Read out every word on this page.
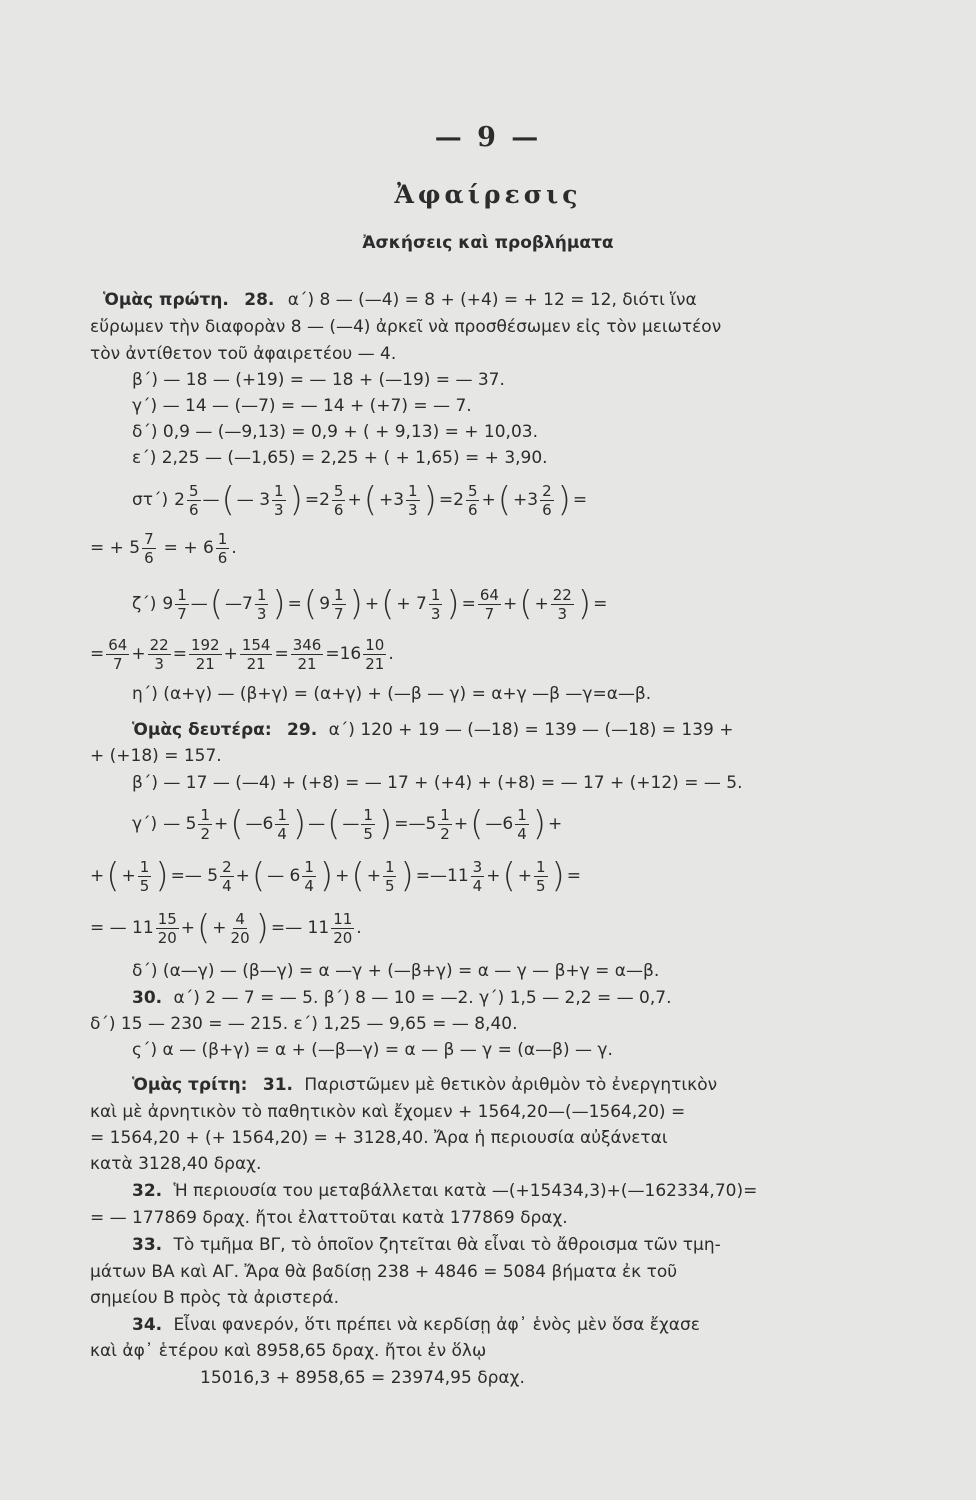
— 9 —
Ἀφαίρεσις
Ἀσκήσεις καὶ προβλήματα
Ὁμὰς πρώτη. 28. α΄) 8 — (—4) = 8 + (+4) = + 12 = 12, διότι ἵνα
εὕρωμεν τὴν διαφορὰν 8 — (—4) ἀρκεῖ νὰ προσθέσωμεν εἰς τὸν μειωτέον
τὸν ἀντίθετον τοῦ ἀφαιρετέου — 4.
β΄) — 18 — (+19) = — 18 + (—19) = — 37.
γ΄) — 14 — (—7) = — 14 + (+7) = — 7.
δ΄) 0,9 — (—9,13) = 0,9 + ( + 9,13) = + 10,03.
ε΄) 2,25 — (—1,65) = 2,25 + ( + 1,65) = + 3,90.
στ΄) $2 \frac{5}{6}$ — ( — $3 \frac{1}{3}$ ) = $2 \frac{5}{6}$ + ( $+3 \frac{1}{3}$ ) = $2 \frac{5}{6}$ + ( $+3 \frac{2}{6}$ ) =
= + $5 \frac{7}{6}$ = + $6 \frac{1}{6}$ .
ζ΄) $9 \frac{1}{7}$ — ( —7 $\frac{1}{3}$ ) = ( $9 \frac{1}{7}$ ) + ( + $7 \frac{1}{3}$ ) = $\frac{64}{7}$ + ( + $\frac{22}{3}$ ) =
= $\frac{64}{7} + \frac{22}{3} = \frac{192}{21} + \frac{154}{21} = \frac{346}{21} = 16 \frac{10}{21}$ .
η΄) (α+γ) — (β+γ) = (α+γ) + (—β — γ) = α+γ —β —γ=α—β.
Ὁμὰς δευτέρα: 29. α΄) 120 + 19 — (—18) = 139 — (—18) = 139 +
+ (+18) = 157.
β΄) — 17 — (—4) + (+8) = — 17 + (+4) + (+8) = — 17 + (+12) = — 5.
γ΄) — $5 \frac{1}{2}$ + ( —6 $\frac{1}{4}$ ) — ( — $\frac{1}{5}$ ) = —5 $\frac{1}{2}$ + ( —6 $\frac{1}{4}$ ) +
+ ( + $\frac{1}{5}$ ) = — $5 \frac{2}{4}$ + ( — $6 \frac{1}{4}$ ) + ( + $\frac{1}{5}$ ) = —11 $\frac{3}{4}$ + ( + $\frac{1}{5}$ ) =
= — $11 \frac{15}{20}$ + ( + $\frac{4}{20}$ ) = — $11 \frac{11}{20}$ .
δ΄) (α—γ) — (β—γ) = α —γ + (—β+γ) = α — γ — β+γ = α—β.
30. α΄) 2 — 7 = — 5. β΄) 8 — 10 = —2. γ΄) 1,5 — 2,2 = — 0,7.
δ΄) 15 — 230 = — 215. ε΄) 1,25 — 9,65 = — 8,40.
ς΄) α — (β+γ) = α + (—β—γ) = α — β — γ = (α—β) — γ.
Ὁμὰς τρίτη: 31. Παριστῶμεν μὲ θετικὸν ἀριθμὸν τὸ ἐνεργητικὸν
καὶ μὲ ἀρνητικὸν τὸ παθητικὸν καὶ ἔχομεν + 1564,20—(—1564,20) =
= 1564,20 + (+ 1564,20) = + 3128,40. Ἄρα ἡ περιουσία αὐξάνεται
κατὰ 3128,40 δραχ.
32. Ἡ περιουσία του μεταβάλλεται κατὰ —(+15434,3)+(—162334,70)=
= — 177869 δραχ. ἤτοι ἐλαττοῦται κατὰ 177869 δραχ.
33. Τὸ τμῆμα ΒΓ, τὸ ὁποῖον ζητεῖται θὰ εἶναι τὸ ἄθροισμα τῶν τμη-
μάτων ΒΑ καὶ ΑΓ. Ἄρα θὰ βαδίσῃ 238 + 4846 = 5084 βήματα ἐκ τοῦ
σημείου Β πρὸς τὰ ἀριστερά.
34. Εἶναι φανερόν, ὅτι πρέπει νὰ κερδίσῃ ἀφ᾽ ἑνὸς μὲν ὅσα ἔχασε
καὶ ἀφ᾽ ἑτέρου καὶ 8958,65 δραχ. ἤτοι ἐν ὅλῳ
15016,3 + 8958,65 = 23974,95 δραχ.
